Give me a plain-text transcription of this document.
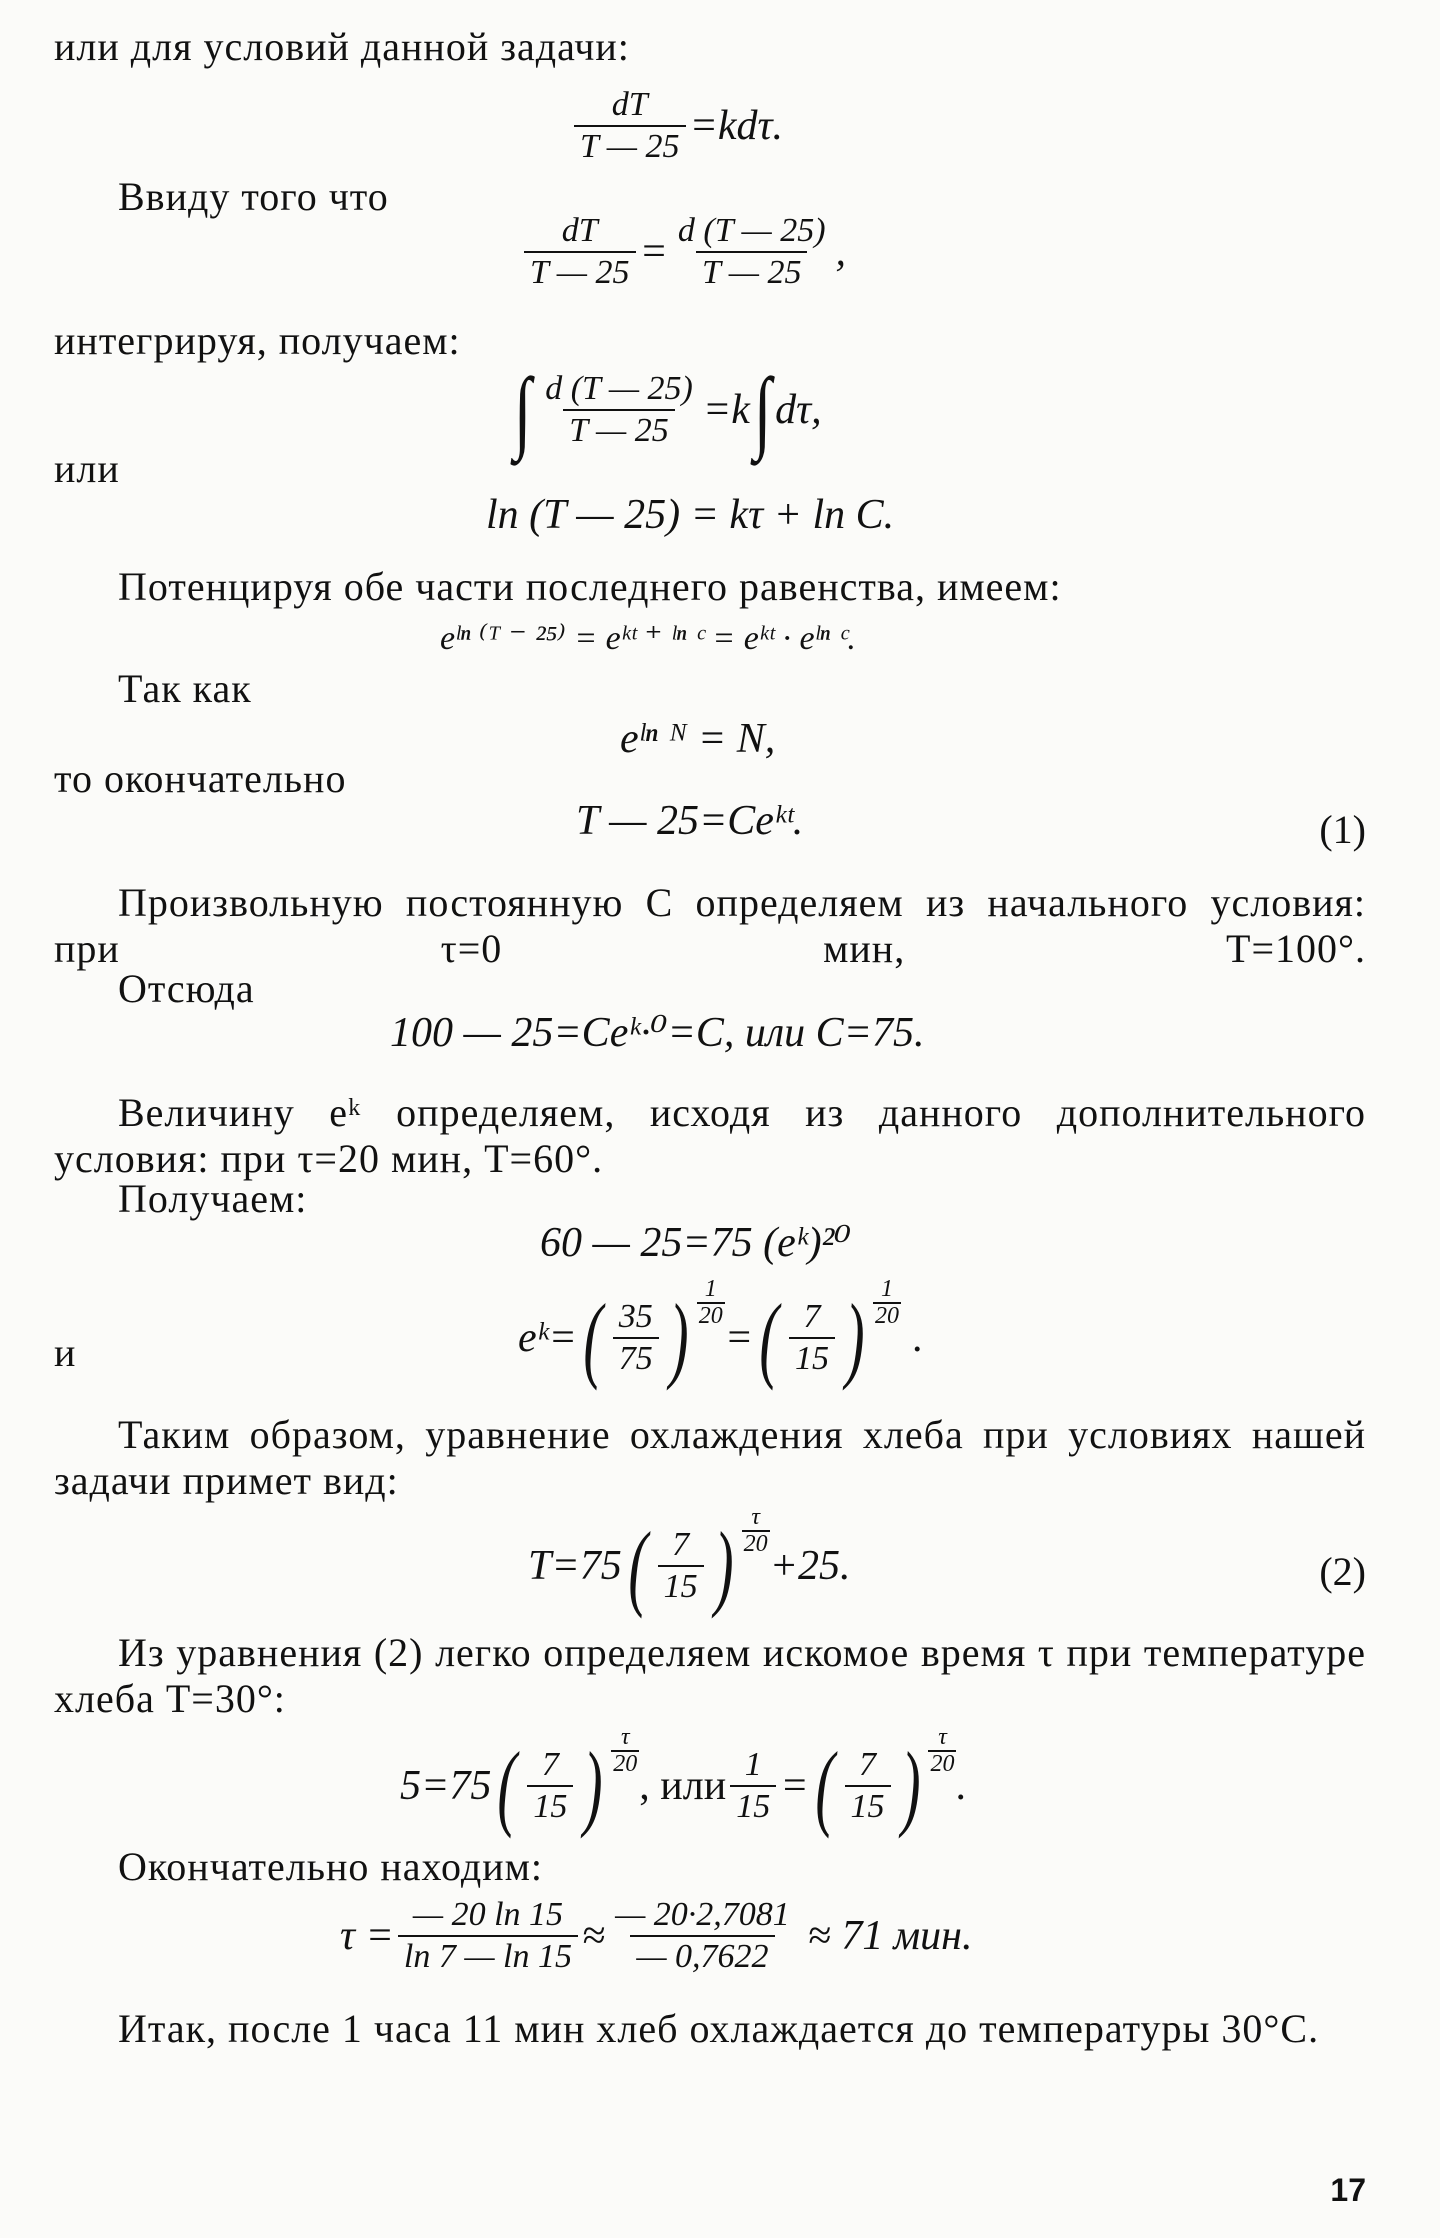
или для условий данной задачи:
$\frac{dT}{T — 25} =kd\tau$.
Ввиду того что
$\frac{dT}{T — 25} = \frac{d (T — 25)}{T — 25}$ ,
интегрируя, получаем:
∫ $\frac{d (T — 25)}{T — 25} =k$ ∫ dτ,
или
ln (T — 25) = kτ + ln C.
Потенцируя обе части последнего равенства, имеем:
eˡⁿ ⁽ᵀ ⁻ ²⁵⁾ = eᵏᵗ ⁺ ˡⁿ ᶜ = eᵏᵗ · eˡⁿ ᶜ.
Так как
eˡⁿ ᴺ = N,
то окончательно
T — 25=Ceᵏᵗ.	(1)
Произвольную постоянную C определяем из начального условия: при τ=0 мин, T=100°.
Отсюда
100 — 25=Ceᵏ·⁰=C, или C=75.
Величину eᵏ определяем, исходя из данного дополнительного условия: при τ=20 мин, T=60°.
Получаем:
60 — 25=75 (eᵏ)²⁰
и	eᵏ= ( $\frac{35}{75}$ ) $\frac{1}{20}$
= ( $\frac{7}{15}$ ) $\frac{1}{20}$
.
Таким образом, уравнение охлаждения хлеба при условиях нашей задачи примет вид:
T=75 ( $\frac{7}{15}$ ) $\frac{\tau}{20}$
+25.	(2)
Из уравнения (2) легко определяем искомое время τ при температуре хлеба T=30°:
5=75 ( $\frac{7}{15}$ ) $\frac{\tau}{20}$
, или $\frac{1}{15}$ = ( $\frac{7}{15}$ ) $\frac{\tau}{20}$
.
Окончательно находим:
$\tau = \frac{— 20 \ln 15}{\ln 7 — \ln 15} \approx \frac{— 20\cdot 2,7081}{— 0,7622} \approx 71$ мин.
Итак, после 1 часа 11 мин хлеб охлаждается до температуры 30°С.
17
